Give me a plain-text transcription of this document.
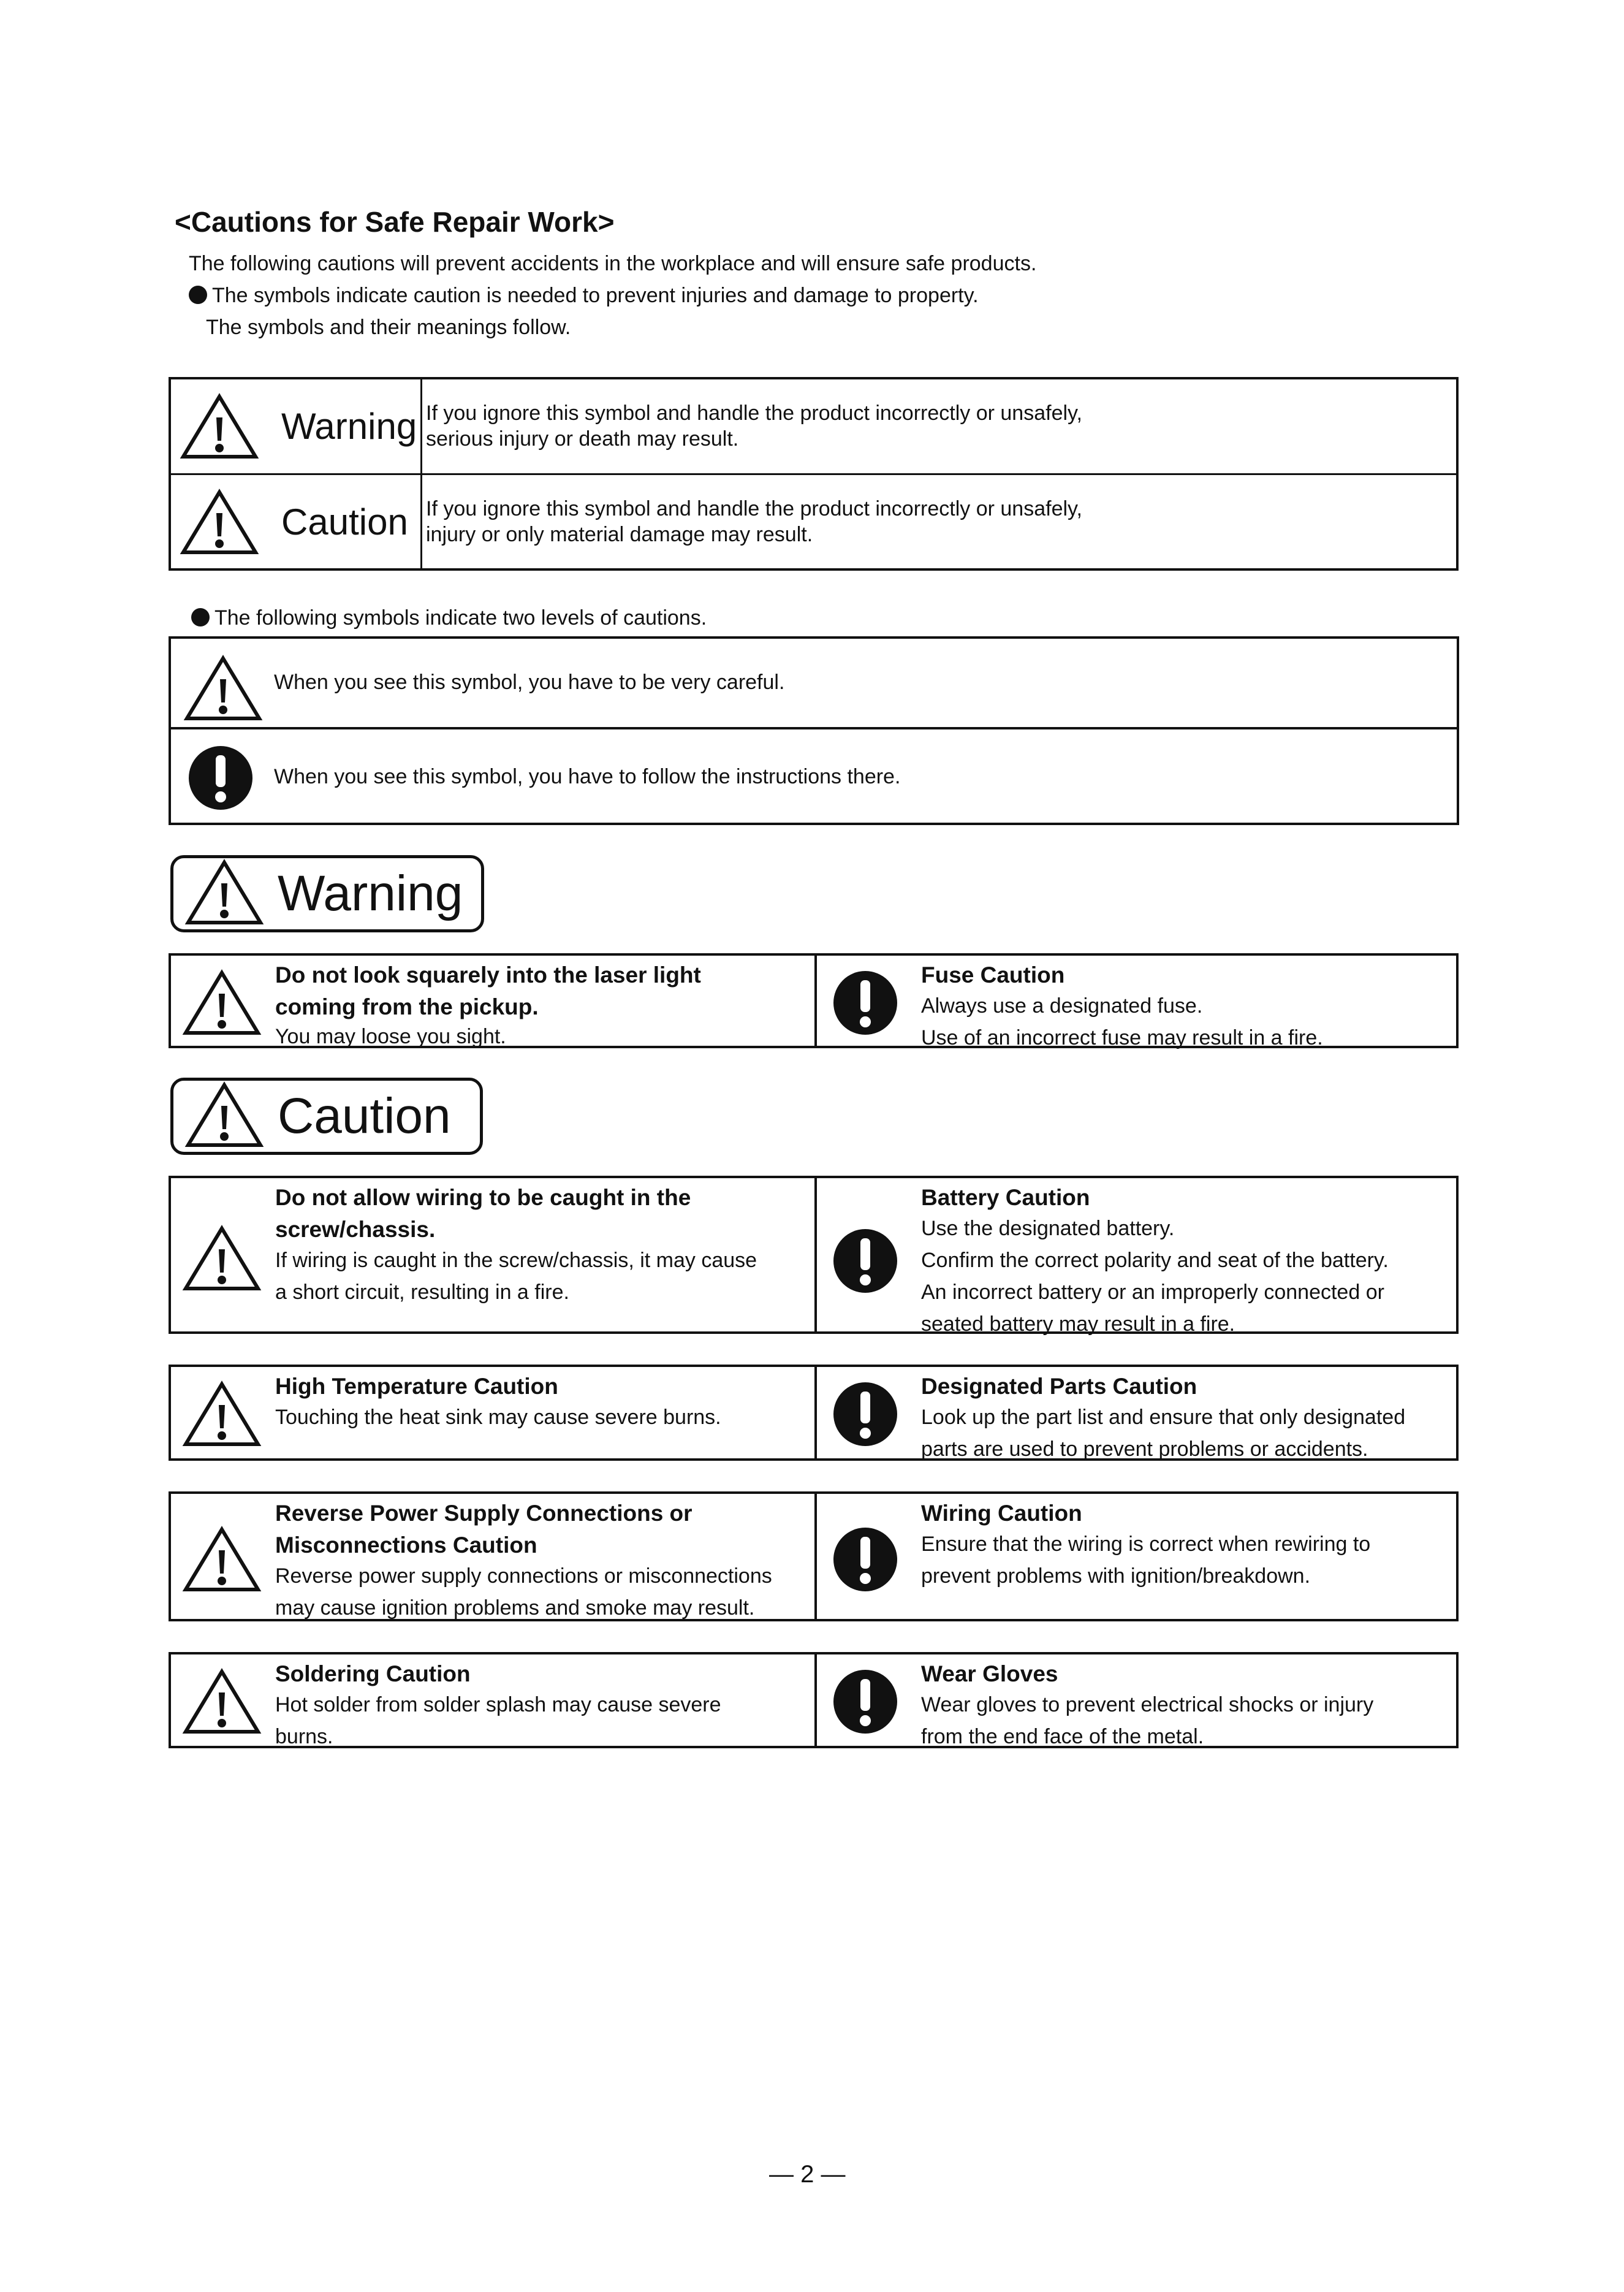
<Cautions for Safe Repair Work>
The following cautions will prevent accidents in the workplace and will ensure safe products.
The symbols indicate caution is needed to prevent injuries and damage to property.
The symbols and their meanings follow.
Warning	If you ignore this symbol and handle the product incorrectly or unsafely,
serious injury or death may result.

Caution	If you ignore this symbol and handle the product incorrectly or unsafely,
injury or only material damage may result.
The following symbols indicate two levels of cautions.
When you see this symbol, you have to be very careful.
When you see this symbol, you have to follow the instructions there.
Warning
Do not look squarely into the laser light
coming from the pickup.
You may loose you sight.
Fuse Caution
Always use a designated fuse.
Use of an incorrect fuse may result in a fire.
Caution
Do not allow wiring to be caught in the
screw/chassis.
If wiring is caught in the screw/chassis, it may cause
a short circuit, resulting in a fire.
Battery Caution
Use the designated battery.
Confirm the correct polarity and seat of the battery.
An incorrect battery or an improperly connected or
seated battery may result in a fire.
High Temperature Caution
Touching the heat sink may cause severe burns.
Designated Parts Caution
Look up the part list and ensure that only designated
parts are used to prevent problems or accidents.
Reverse Power Supply Connections or
Misconnections Caution
Reverse power supply connections or misconnections
may cause ignition problems and smoke may result.
Wiring Caution
Ensure that the wiring is correct when rewiring to
prevent problems with ignition/breakdown.
Soldering Caution
Hot solder from solder splash may cause severe
burns.
Wear Gloves
Wear gloves to prevent electrical shocks or injury
from the end face of the metal.
— 2 —
